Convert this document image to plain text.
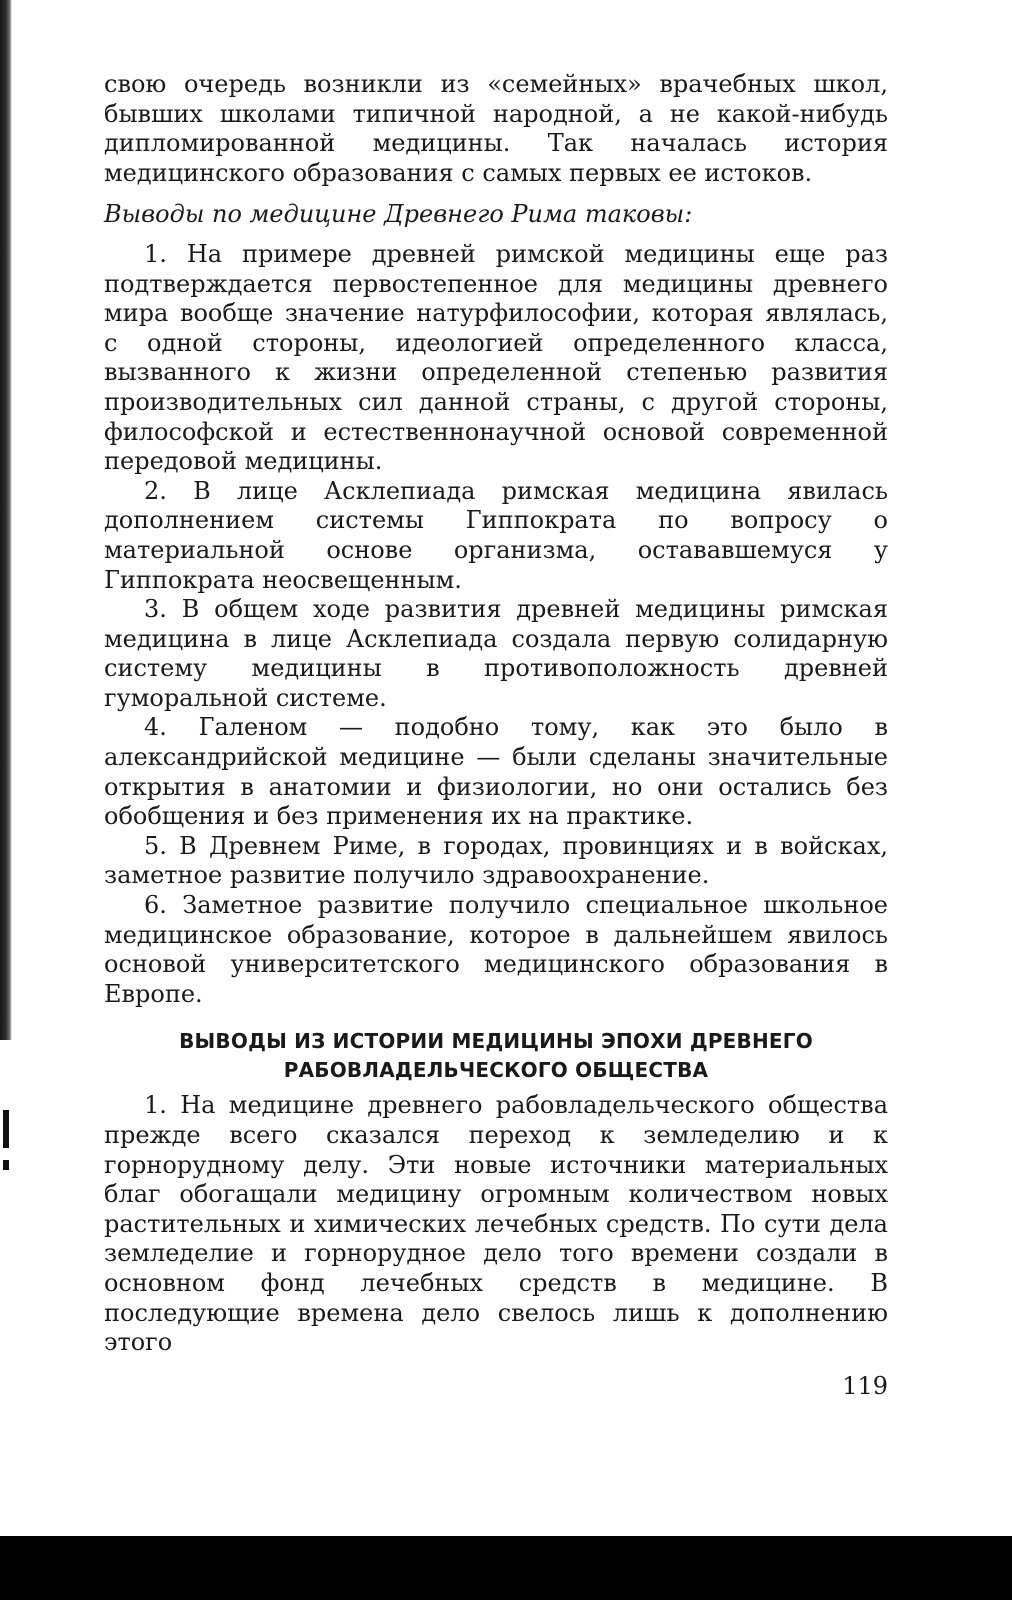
свою очередь возникли из «семейных» врачебных школ, бывших школами типичной народной, а не какой-нибудь дипломированной медицины. Так началась история медицинского образования с самых первых ее истоков.

Выводы по медицине Древнего Рима таковы:

1. На примере древней римской медицины еще раз подтверждается первостепенное для медицины древнего мира вообще значение натурфилософии, которая являлась, с одной стороны, идеологией определенного класса, вызванного к жизни определенной степенью развития производительных сил данной страны, с другой стороны, философской и естественнонаучной основой современной передовой медицины.

2. В лице Асклепиада римская медицина явилась дополнением системы Гиппократа по вопросу о материальной основе организма, остававшемуся у Гиппократа неосвещенным.

3. В общем ходе развития древней медицины римская медицина в лице Асклепиада создала первую солидарную систему медицины в противоположность древней гуморальной системе.

4. Галеном — подобно тому, как это было в александрийской медицине — были сделаны значительные открытия в анатомии и физиологии, но они остались без обобщения и без применения их на практике.

5. В Древнем Риме, в городах, провинциях и в войсках, заметное развитие получило здравоохранение.

6. Заметное развитие получило специальное школьное медицинское образование, которое в дальнейшем явилось основой университетского медицинского образования в Европе.

ВЫВОДЫ ИЗ ИСТОРИИ МЕДИЦИНЫ ЭПОХИ ДРЕВНЕГО
РАБОВЛАДЕЛЬЧЕСКОГО ОБЩЕСТВА

1. На медицине древнего рабовладельческого общества прежде всего сказался переход к земледелию и к горнорудному делу. Эти новые источники материальных благ обогащали медицину огромным количеством новых растительных и химических лечебных средств. По сути дела земледелие и горнорудное дело того времени создали в основном фонд лечебных средств в медицине. В последующие времена дело свелось лишь к дополнению этого

119
